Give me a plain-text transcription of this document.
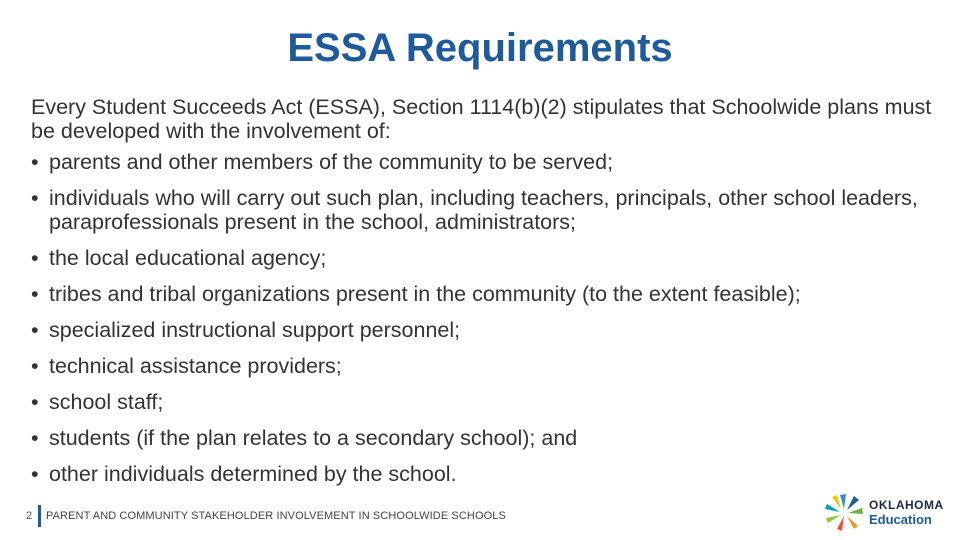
ESSA Requirements

Every Student Succeeds Act (ESSA), Section 1114(b)(2) stipulates that Schoolwide plans must be developed with the involvement of:

• parents and other members of the community to be served;
• individuals who will carry out such plan, including teachers, principals, other school leaders, paraprofessionals present in the school, administrators;
• the local educational agency;
• tribes and tribal organizations present in the community (to the extent feasible);
• specialized instructional support personnel;
• technical assistance providers;
• school staff;
• students (if the plan relates to a secondary school); and
• other individuals determined by the school.
2	PARENT AND COMMUNITY STAKEHOLDER INVOLVEMENT IN SCHOOLWIDE SCHOOLS
OKLAHOMA
Education
